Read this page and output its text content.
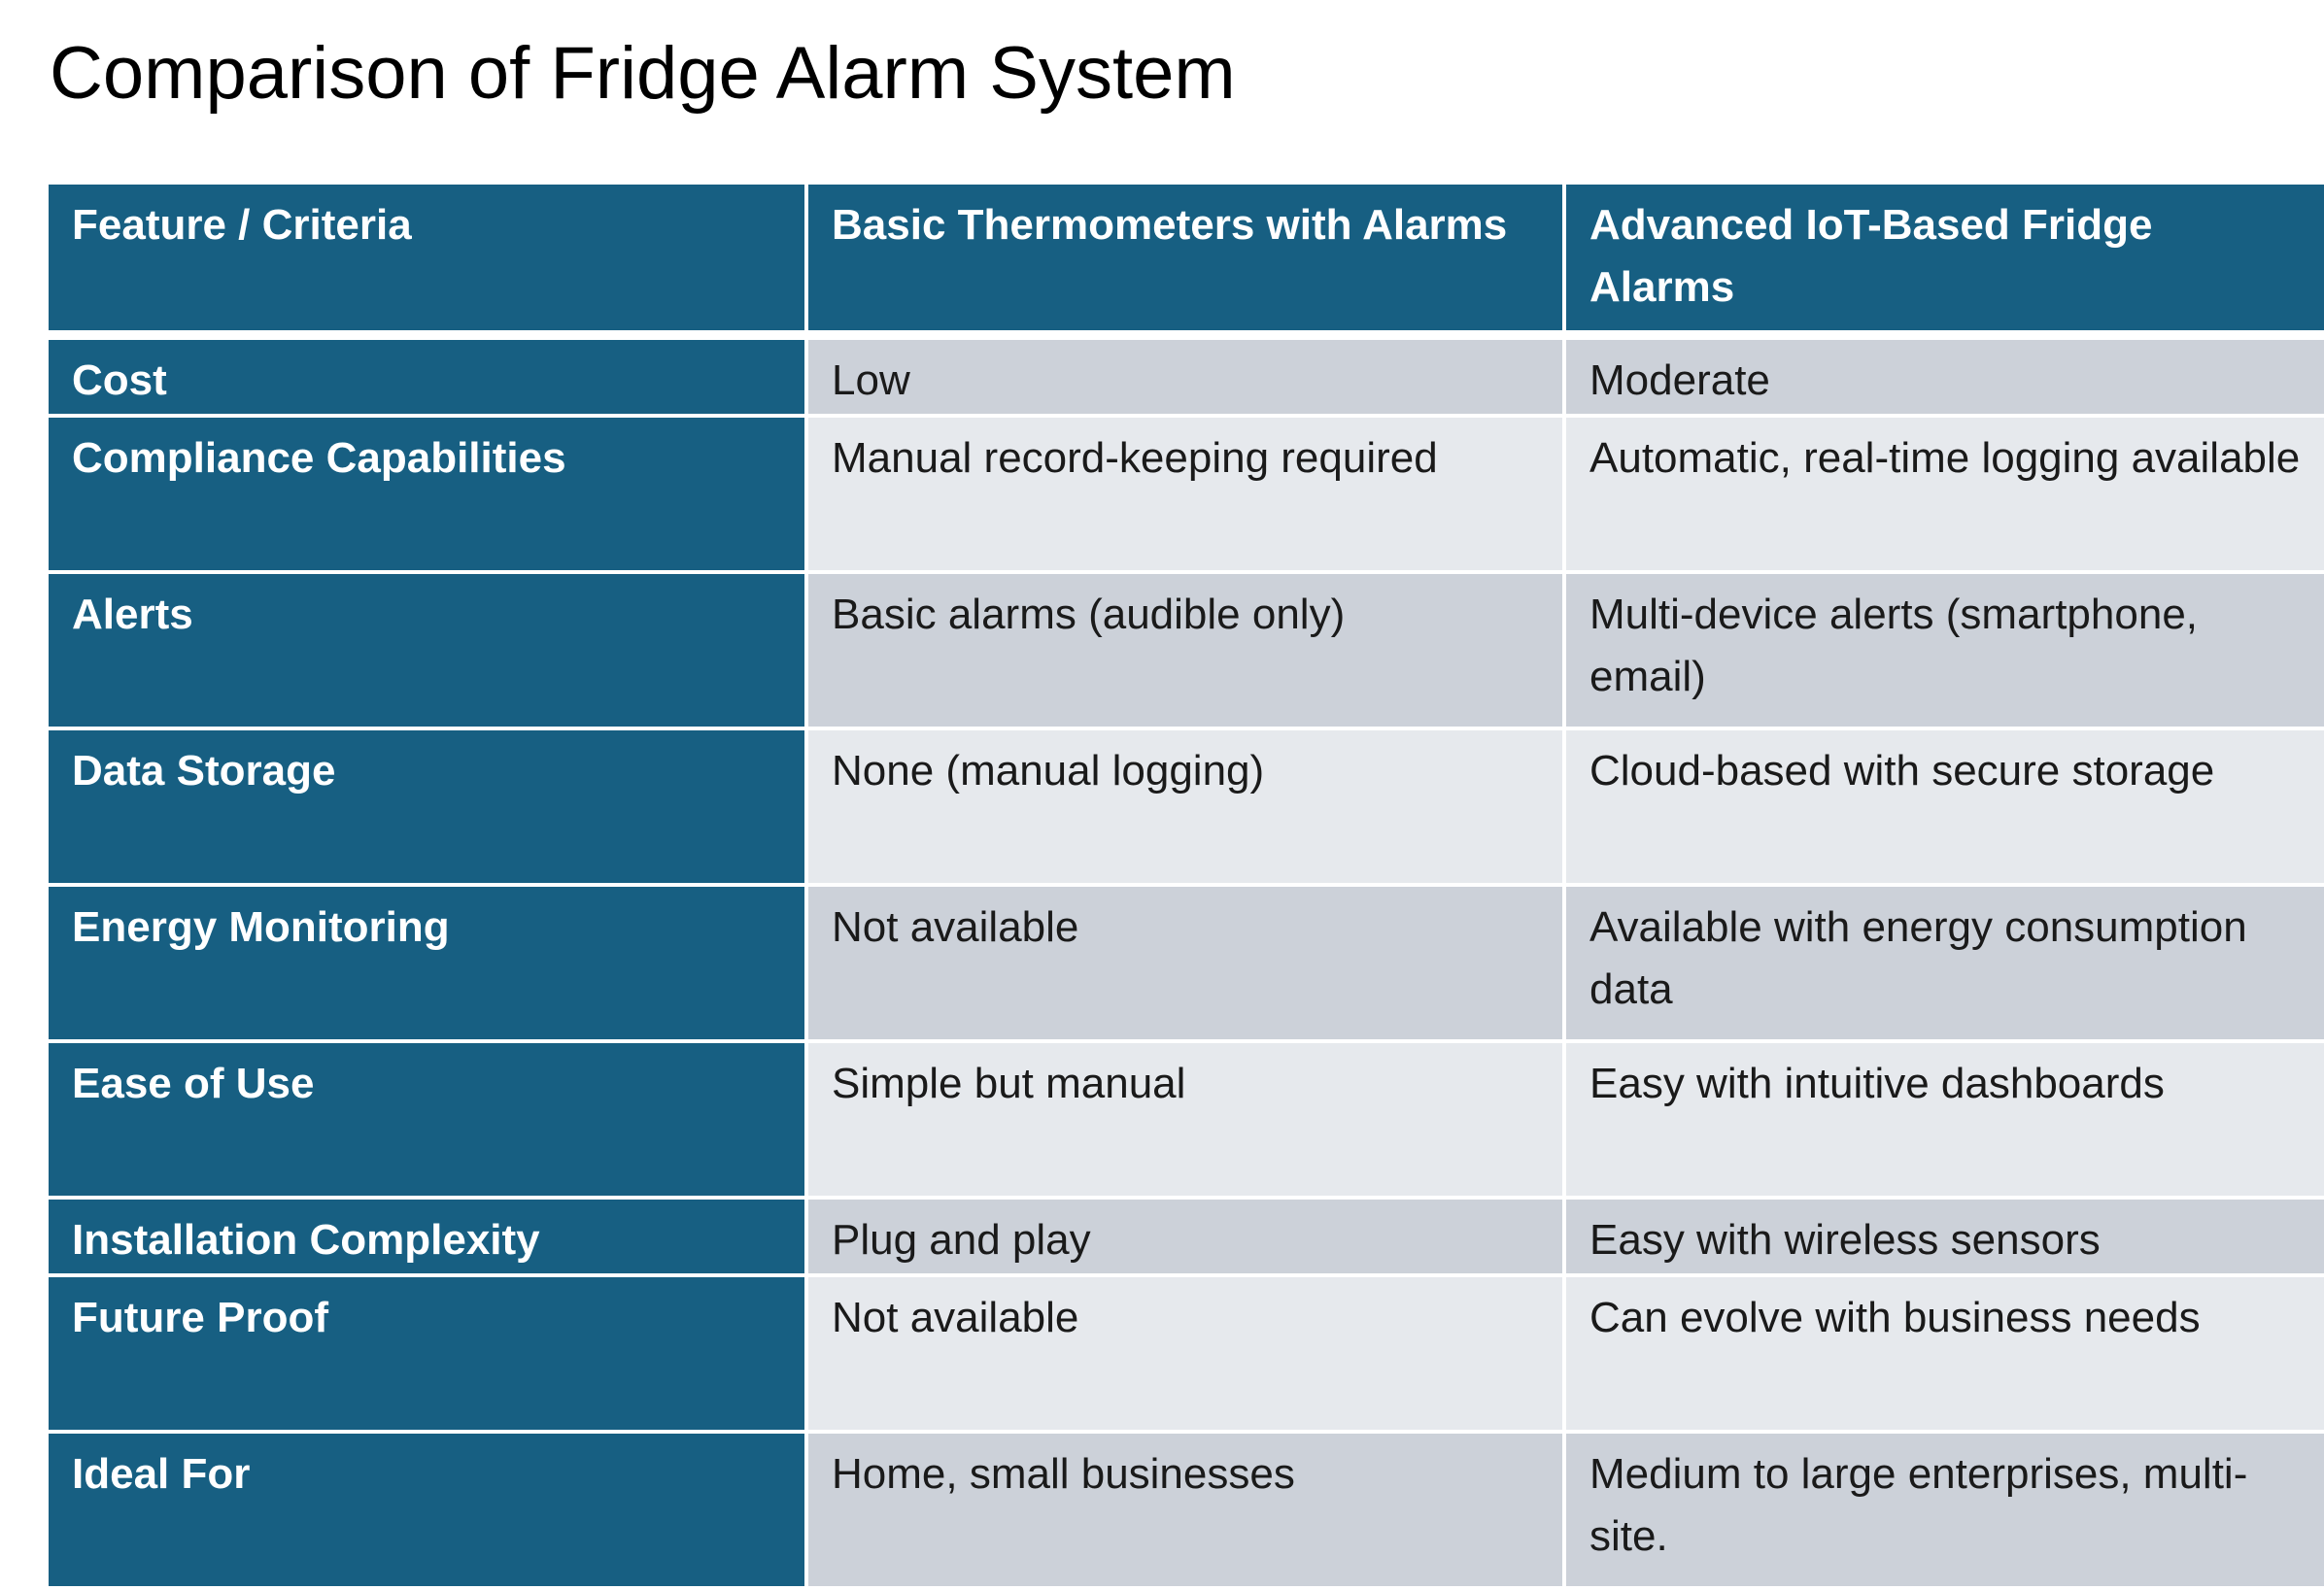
Comparison of Fridge Alarm System
Feature / Criteria	Basic Thermometers with Alarms	Advanced IoT-Based Fridge Alarms
Cost	Low	Moderate
Compliance Capabilities	Manual record-keeping required	Automatic, real-time logging available
Alerts	Basic alarms (audible only)	Multi-device alerts (smartphone, email)
Data Storage	None (manual logging)	Cloud-based with secure storage
Energy Monitoring	Not available	Available with energy consumption data
Ease of Use	Simple but manual	Easy with intuitive dashboards
Installation Complexity	Plug and play	Easy with wireless sensors
Future Proof	Not available	Can evolve with business needs
Ideal For	Home, small businesses	Medium to large enterprises, multi-site.
